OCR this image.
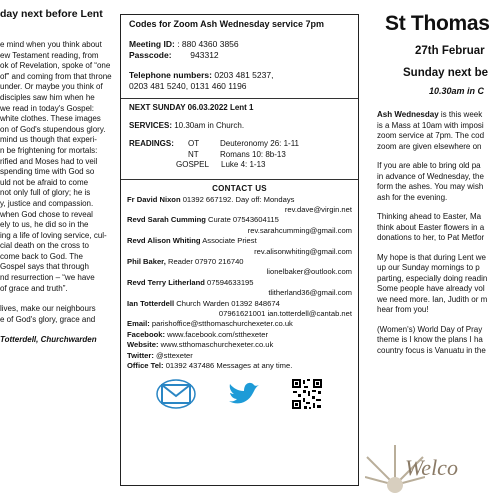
day next before Lent
e mind when you think about
ew Testament reading, from
ok of Revelation, spoke of “one
of” and coming from that throne
under. Or maybe you think of
disciples saw him when he
we read in today's Gospel:
white clothes. These images
on of God's stupendous glory.
mind us though that experi-
n be frightening for mortals:
rified and Moses had to veil
spending time with God so
uld not be afraid to come
not only full of glory; he is
y, justice and compassion.
when God chose to reveal
ely to us, he did so in the
ing a life of loving service, cul-
cial death on the cross to
come back to God. The
Gospel says that through
nd resurrection – “we have
of grace and truth”.
lives, make our neighbours
e of God's glory, grace and
Totterdell, Churchwarden
Codes for Zoom Ash Wednesday service 7pm
Meeting ID: : 880 4360 3856
Passcode: 943312
Telephone numbers: 0203 481 5237,
0203 481 5240, 0131 460 1196
NEXT SUNDAY 06.03.2022 Lent 1
SERVICES: 10.30am in Church.
READINGS: OT	Deuteronomy 26: 1-11
NT	Romans 10: 8b-13
GOSPEL	Luke 4: 1-13
CONTACT US
Fr David Nixon 01392 667192. Day off: Mondays
rev.dave@virgin.net
Revd Sarah Cumming Curate 07543604115
rev.sarahcumming@gmail.com
Revd Alison Whiting Associate Priest
rev.alisonwhiting@gmail.com
Phil Baker, Reader 07970 216740
lionelbaker@outlook.com
Revd Terry Litherland 07594633195
tlitherland36@gmail.com
Ian Totterdell Church Warden 01392 848674
07961621001 ian.totterdell@cantab.net
Email: parishoffice@stthomaschurchexeter.co.uk
Facebook: www.facebook.com/stthexeter
Website: www.stthomaschurchexeter.co.uk
Twitter: @sttexeter
Office Tel: 01392 437486 Messages at any time.
St Thomas
27th Februar
Sunday next be
10.30am in C
Ash Wednesday is this week
is a Mass at 10am with imposi
zoom service at 7pm. The cod
zoom are given elsewhere on
If you are able to bring old pa
in advance of Wednesday, the
form the ashes. You may wish
ash for the evening.
Thinking ahead to Easter, Ma
think about Easter flowers in a
donations to her, to Pat Metfor
My hope is that during Lent we
up our Sunday mornings to p
parting, especially doing readin
Some people have already vol
we need more. Ian, Judith or m
hear from you!
(Women's) World Day of Pray
theme is I know the plans I ha
country focus is Vanuatu in the
Welco
